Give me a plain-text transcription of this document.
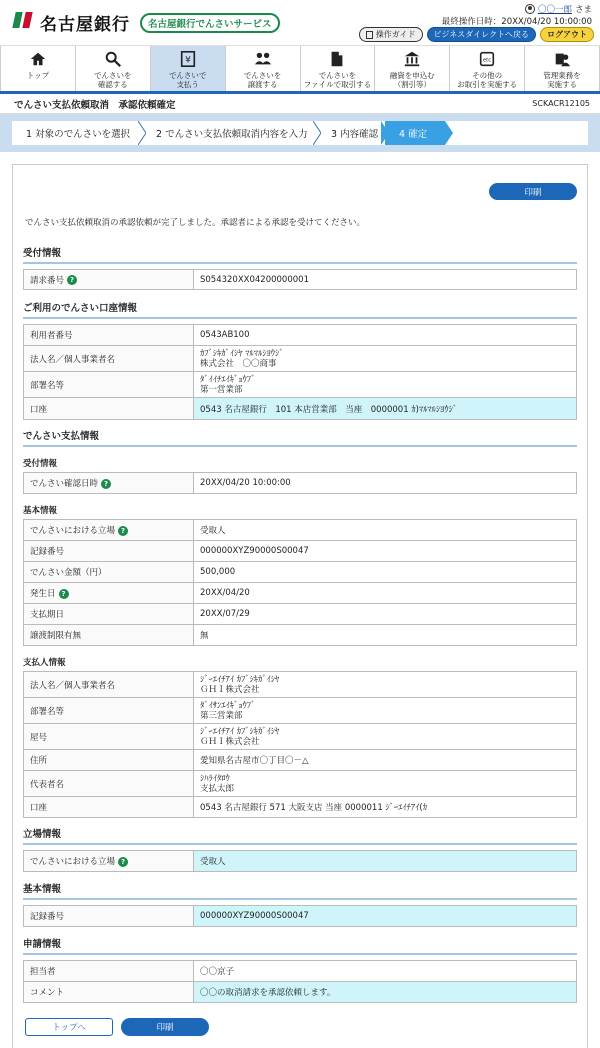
名古屋銀行	名古屋銀行でんさいサービス
〇〇一郎 さま
最終操作日時：20XX/04/20 10:00:00
操作ガイド	ビジネスダイレクトへ戻る	ログアウト
トップ	でんさいを
確認する
¥
でんさいで
支払う
でんさいを
譲渡する
でんさいを
ファイルで取引する
融資を申込む
（割引等）
etc
その他の
お取引を実施する
管理業務を
実施する
でんさい支払依頼取消　承認依頼確定	SCKACR12105
1 対象のでんさいを選択	2 でんさい支払依頼取消内容を入力 3 内容確認 4 確定
印刷
でんさい支払依頼取消の承認依頼が完了しました。承認者による承認を受けてください。
受付情報
請求番号 ?	S054320XX04200000001
ご利用のでんさい口座情報
利用者番号	0543AB100
法人名／個人事業者名	ｶﾌﾞｼｷｶﾞｲｼﾔ ﾏﾙﾏﾙｼﾖｳｼﾞ
株式会社　〇〇商事

部署名等	ﾀﾞｲｲﾁｴｲｷﾞｮｳﾌﾞ
第一営業部

口座	0543 名古屋銀行　101 本店営業部　当座　0000001 ｶ)ﾏﾙﾏﾙｼﾖｳｼﾞ
でんさい支払情報
受付情報
でんさい確認日時 ?	20XX/04/20 10:00:00
基本情報
でんさいにおける立場 ?	受取人
記録番号	000000XYZ90000S00047
でんさい金額（円）	500,000
発生日 ?	20XX/04/20
支払期日	20XX/07/29
譲渡制限有無	無
支払人情報
法人名／個人事業者名	ｼﾞｰｴｲﾁｱｲ ｶﾌﾞｼｷｶﾞｲｼﾔ
ＧＨＩ株式会社

部署名等	ﾀﾞｲｻﾝｴｲｷﾞｮｳﾌﾞ
第三営業部

屋号	ｼﾞｰｴｲﾁｱｲ ｶﾌﾞｼｷｶﾞｲｼﾔ
ＧＨＩ株式会社

住所	愛知県名古屋市〇丁目〇－△
代表者名	ｼﾊﾗｲﾀﾛｳ
支払太郎

口座	0543 名古屋銀行 571 大阪支店 当座 0000011 ｼﾞｰｴｲﾁｱｲ(ｶ
立場情報
でんさいにおける立場 ?	受取人
基本情報
記録番号	000000XYZ90000S00047
申請情報
担当者	〇〇京子
コメント	〇〇の取消請求を承認依頼します。
トップへ	印刷
